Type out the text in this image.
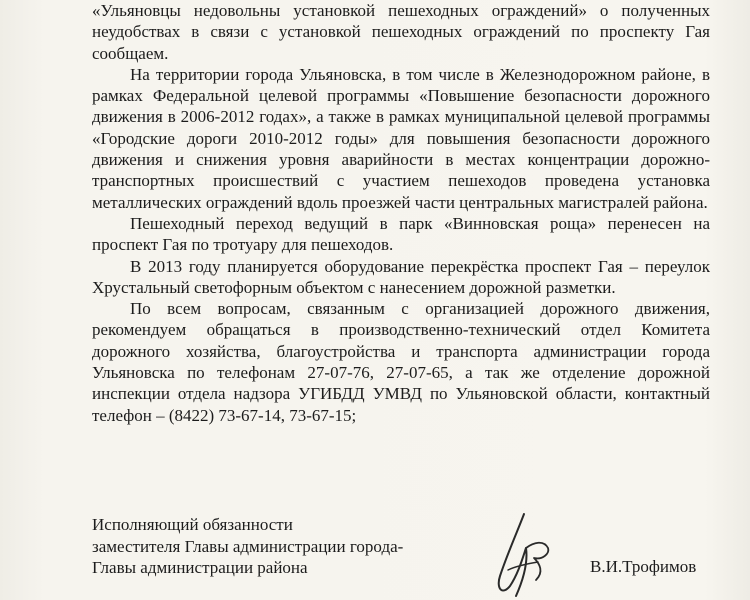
«Ульяновцы недовольны установкой пешеходных ограждений» о полученных неудобствах в связи с установкой пешеходных ограждений по проспекту Гая сообщаем.

На территории города Ульяновска, в том числе в Железнодорожном районе, в рамках Федеральной целевой программы «Повышение безопасности дорожного движения в 2006-2012 годах», а также в рамках муниципальной целевой программы «Городские дороги 2010-2012 годы» для повышения безопасности дорожного движения и снижения уровня аварийности в местах концентрации дорожно-транспортных происшествий с участием пешеходов проведена установка металлических ограждений вдоль проезжей части центральных магистралей района.

Пешеходный переход ведущий в парк «Винновская роща» перенесен на проспект Гая по тротуару для пешеходов.

В 2013 году планируется оборудование перекрёстка проспект Гая – переулок Хрустальный светофорным объектом с нанесением дорожной разметки.

По всем вопросам, связанным с организацией дорожного движения, рекомендуем обращаться в производственно-технический отдел Комитета дорожного хозяйства, благоустройства и транспорта администрации города Ульяновска по телефонам 27-07-76, 27-07-65, а так же отделение дорожной инспекции отдела надзора УГИБДД УМВД по Ульяновской области, контактный телефон – (8422) 73-67-14, 73-67-15;

Исполняющий обязанности
заместителя Главы администрации города-
Главы администрации района	В.И.Трофимов
